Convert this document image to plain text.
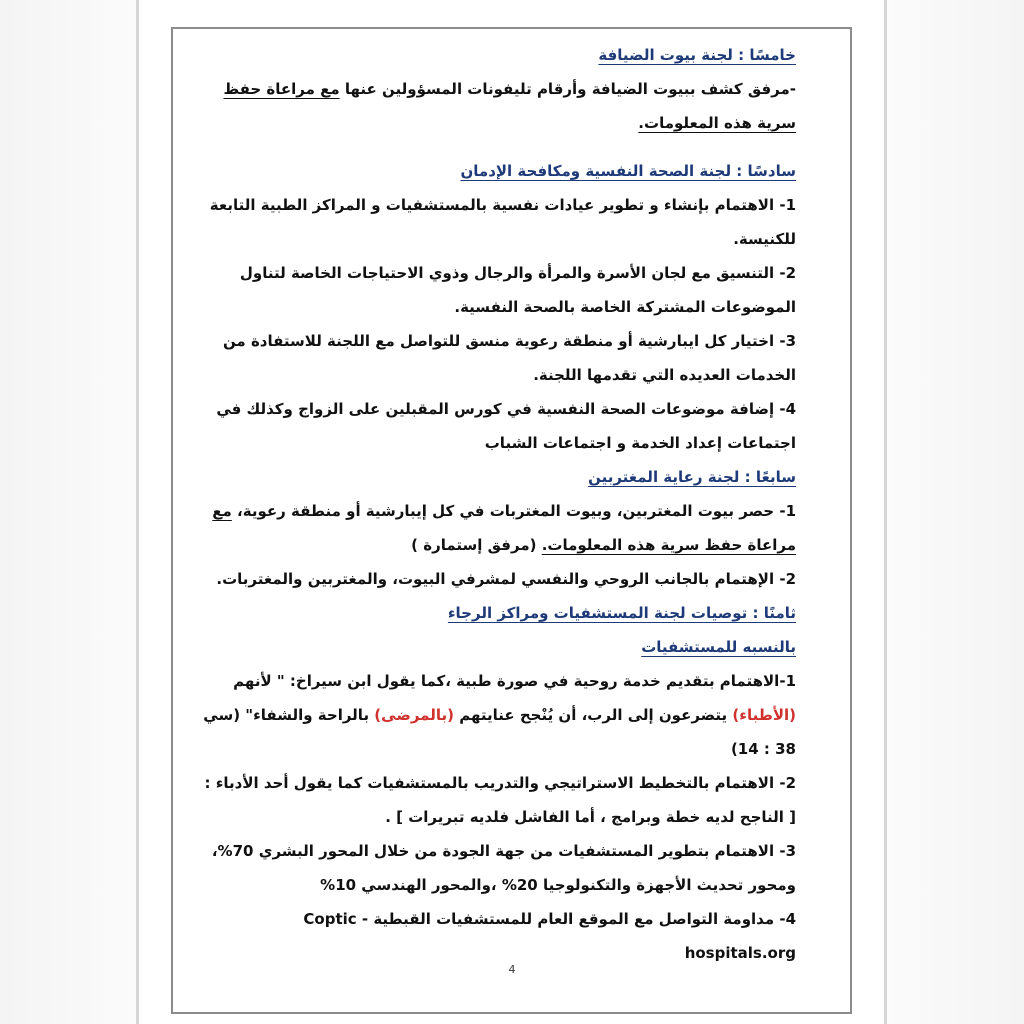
خامسًا : لجنة بيوت الضيافة

-مرفق كشف ببيوت الضيافة وأرقام تليفونات المسؤولين عنها مع مراعاة حفظ سرية هذه المعلومات.

سادسًا : لجنة الصحة النفسية ومكافحة الإدمان

1- الاهتمام بإنشاء و تطوير عيادات نفسية بالمستشفيات و المراكز الطبية التابعة للكنيسة.

2- التنسيق مع لجان الأسرة والمرأة والرجال وذوي الاحتياجات الخاصة لتناول الموضوعات المشتركة الخاصة بالصحة النفسية.

3- اختيار كل ايبارشية أو منطقة رعوية منسق للتواصل مع اللجنة للاستفادة من الخدمات العديده التي تقدمها اللجنة.

4- إضافة موضوعات الصحة النفسية في كورس المقبلين على الزواج وكذلك في اجتماعات إعداد الخدمة و اجتماعات الشباب

سابعًا : لجنة رعاية المغتربين

1- حصر بيوت المغتربين، وبيوت المغتربات في كل إيبارشية أو منطقة رعوية، مع مراعاة حفظ سرية هذه المعلومات. (مرفق إستمارة )

2- الإهتمام بالجانب الروحي والنفسي لمشرفي البيوت، والمغتربين والمغتربات.

ثامنًا : توصيات لجنة المستشفيات ومراكز الرجاء

بالنسبه للمستشفيات

1-الاهتمام بتقديم خدمة روحية في صورة طبية ،كما يقول ابن سيراخ: " لأنهم (الأطباء) يتضرعون إلى الرب، أن يُنْجح عنايتهم (بالمرضى) بالراحة والشفاء" (سي 38 : 14)

2- الاهتمام بالتخطيط الاستراتيجي والتدريب بالمستشفيات كما يقول أحد الأدباء :

[ الناجح لديه خطة وبرامج ، أما الفاشل فلديه تبريرات ] .

3- الاهتمام بتطوير المستشفيات من جهة الجودة من خلال المحور البشري 70%، ومحور تحديث الأجهزة والتكنولوجيا 20% ،والمحور الهندسي 10%

4- مداومة التواصل مع الموقع العام للمستشفيات القبطية Coptic -hospitals.org

4
